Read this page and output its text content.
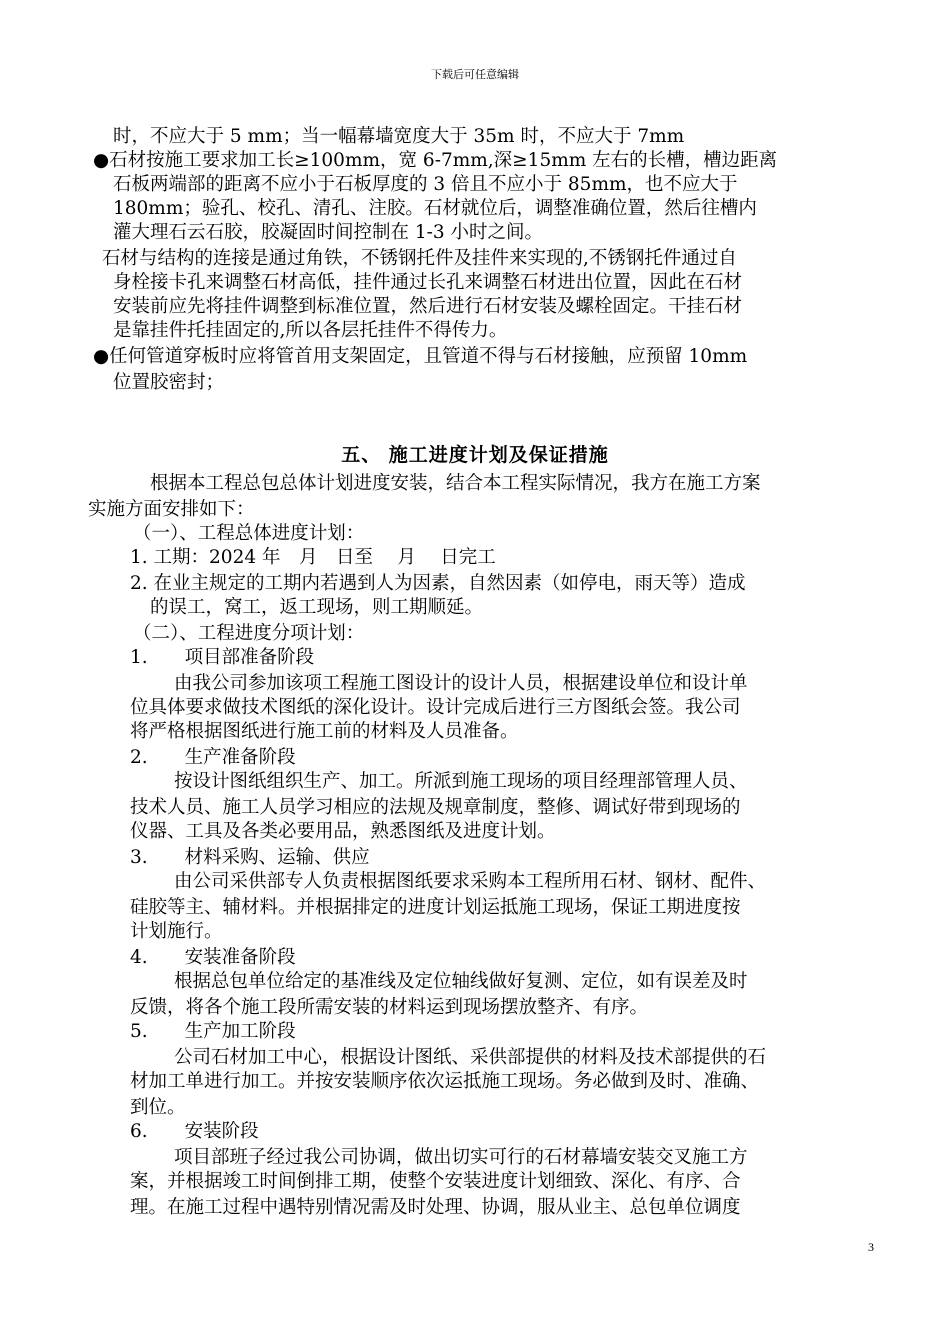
下载后可任意编辑
时，不应大于 5 mm；当一幅幕墙宽度大于 35m 时，不应大于 7mm
●石材按施工要求加工长≥100mm，宽 6-7mm,深≥15mm 左右的长槽，槽边距离
石板两端部的距离不应小于石板厚度的 3 倍且不应小于 85mm，也不应大于
180mm；验孔、校孔、清孔、注胶。石材就位后，调整准确位置，然后往槽内
灌大理石云石胶，胶凝固时间控制在 1-3 小时之间。
石材与结构的连接是通过角铁，不锈钢托件及挂件来实现的,不锈钢托件通过自
身栓接卡孔来调整石材高低，挂件通过长孔来调整石材进出位置，因此在石材
安装前应先将挂件调整到标准位置，然后进行石材安装及螺栓固定。干挂石材
是靠挂件托挂固定的,所以各层托挂件不得传力。
●任何管道穿板时应将管首用支架固定，且管道不得与石材接触，应预留 10mm
位置胶密封；
五、 施工进度计划及保证措施
根据本工程总包总体计划进度安装，结合本工程实际情况，我方在施工方案
实施方面安排如下：
（一）、工程总体进度计划：
1. 工期：2024 年　月　日至　 月　 日完工
2. 在业主规定的工期内若遇到人为因素，自然因素（如停电，雨天等）造成
的误工，窝工，返工现场，则工期顺延。
（二）、工程进度分项计划：
1.　　项目部准备阶段
由我公司参加该项工程施工图设计的设计人员，根据建设单位和设计单
位具体要求做技术图纸的深化设计。设计完成后进行三方图纸会签。我公司
将严格根据图纸进行施工前的材料及人员准备。
2.　　生产准备阶段
按设计图纸组织生产、加工。所派到施工现场的项目经理部管理人员、
技术人员、施工人员学习相应的法规及规章制度，整修、调试好带到现场的
仪器、工具及各类必要用品，熟悉图纸及进度计划。
3.　　材料采购、运输、供应
由公司采供部专人负责根据图纸要求采购本工程所用石材、钢材、配件、
硅胶等主、辅材料。并根据排定的进度计划运抵施工现场，保证工期进度按
计划施行。
4.　　安装准备阶段
根据总包单位给定的基准线及定位轴线做好复测、定位，如有误差及时
反馈，将各个施工段所需安装的材料运到现场摆放整齐、有序。
5.　　生产加工阶段
公司石材加工中心，根据设计图纸、采供部提供的材料及技术部提供的石
材加工单进行加工。并按安装顺序依次运抵施工现场。务必做到及时、准确、
到位。
6.　　安装阶段
项目部班子经过我公司协调，做出切实可行的石材幕墙安装交叉施工方
案，并根据竣工时间倒排工期，使整个安装进度计划细致、深化、有序、合
理。在施工过程中遇特别情况需及时处理、协调，服从业主、总包单位调度
3
